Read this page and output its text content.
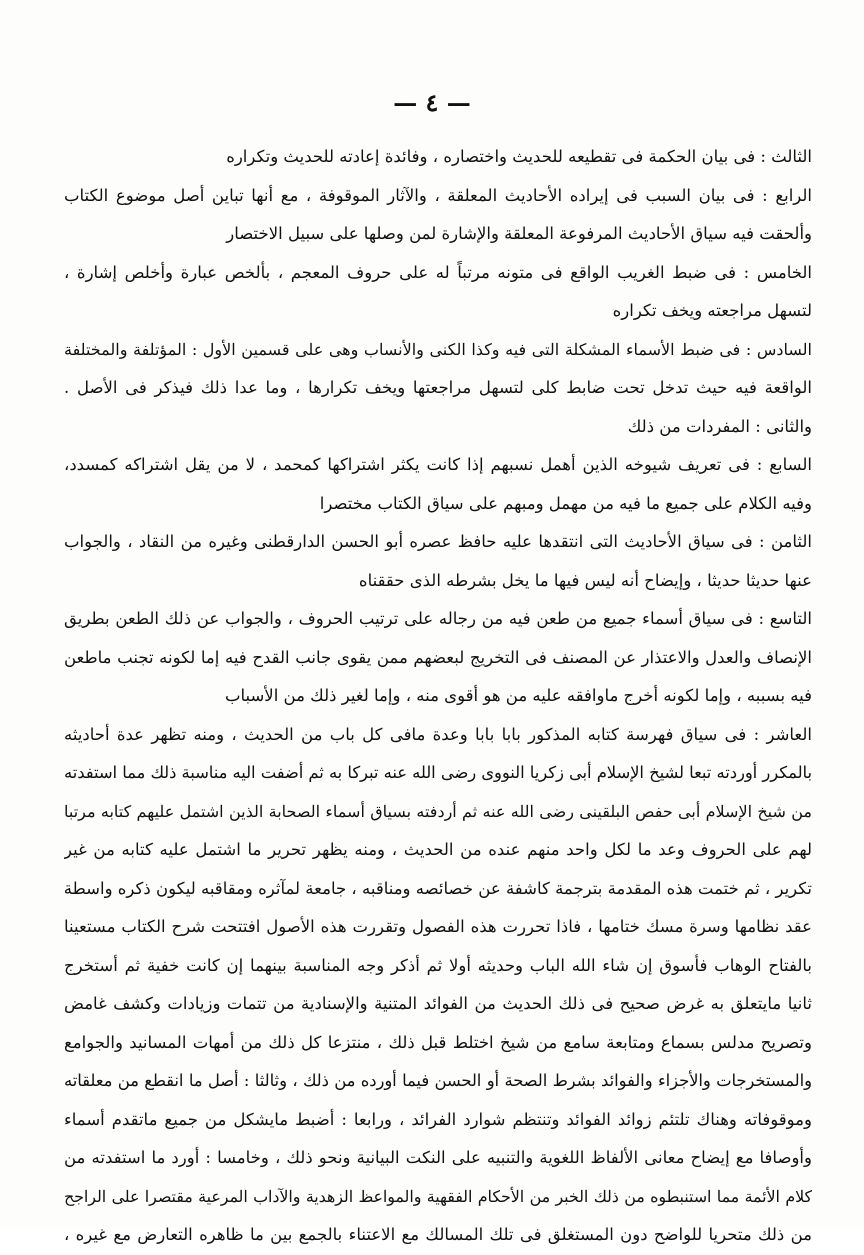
— ٤ —
الثالث : فى بيان الحكمة فى تقطيعه للحديث واختصاره ، وفائدة إعادته للحديث وتكراره
الرابع : فى بيان السبب فى إيراده الأحاديث المعلقة ، والآثار الموقوفة ، مع أنها تباين أصل موضوع الكتاب
وألحقت فيه سياق الأحاديث المرفوعة المعلقة والإشارة لمن وصلها على سبيل الاختصار
الخامس : فى ضبط الغريب الواقع فى متونه مرتباً له على حروف المعجم ، بألخص عبارة وأخلص إشارة ،
لتسهل مراجعته ويخف تكراره
السادس : فى ضبط الأسماء المشكلة التى فيه وكذا الكنى والأنساب وهى على قسمين الأول : المؤتلفة والمختلفة
الواقعة فيه حيث تدخل تحت ضابط كلى لتسهل مراجعتها ويخف تكرارها ، وما عدا ذلك فيذكر فى الأصل .
والثانى : المفردات من ذلك
السابع : فى تعريف شيوخه الذين أهمل نسبهم إذا كانت يكثر اشتراكها كمحمد ، لا من يقل اشتراكه كمسدد،
وفيه الكلام على جميع ما فيه من مهمل ومبهم على سياق الكتاب مختصرا
الثامن : فى سياق الأحاديث التى انتقدها عليه حافظ عصره أبو الحسن الدارقطنى وغيره من النقاد ، والجواب
عنها حديثا حديثا ، وإيضاح أنه ليس فيها ما يخل بشرطه الذى حققناه
التاسع : فى سياق أسماء جميع من طعن فيه من رجاله على ترتيب الحروف ، والجواب عن ذلك الطعن بطريق
الإنصاف والعدل والاعتذار عن المصنف فى التخريج لبعضهم ممن يقوى جانب القدح فيه إما لكونه تجنب ماطعن
فيه بسببه ، وإما لكونه أخرج ماوافقه عليه من هو أقوى منه ، وإما لغير ذلك من الأسباب
العاشر : فى سياق فهرسة كتابه المذكور بابا بابا وعدة مافى كل باب من الحديث ، ومنه تظهر عدة أحاديثه
بالمكرر أوردته تبعا لشيخ الإسلام أبى زكريا النووى رضى الله عنه تبركا به ثم أضفت اليه مناسبة ذلك مما استفدته
من شيخ الإسلام أبى حفص البلقينى رضى الله عنه ثم أردفته بسياق أسماء الصحابة الذين اشتمل عليهم كتابه مرتبا
لهم على الحروف وعد ما لكل واحد منهم عنده من الحديث ، ومنه يظهر تحرير ما اشتمل عليه كتابه من غير
تكرير ، ثم ختمت هذه المقدمة بترجمة كاشفة عن خصائصه ومناقبه ، جامعة لمآثره ومقاقبه ليكون ذكره واسطة
عقد نظامها وسرة مسك ختامها ، فاذا تحررت هذه الفصول وتقررت هذه الأصول افتتحت شرح الكتاب مستعينا
بالفتاح الوهاب فأسوق إن شاء الله الباب وحديثه أولا ثم أذكر وجه المناسبة بينهما إن كانت خفية ثم أستخرج
ثانيا مايتعلق به غرض صحيح فى ذلك الحديث من الفوائد المتنية والإسنادية من تتمات وزيادات وكشف غامض
وتصريح مدلس بسماع ومتابعة سامع من شيخ اختلط قبل ذلك ، منتزعا كل ذلك من أمهات المسانيد والجوامع
والمستخرجات والأجزاء والفوائد بشرط الصحة أو الحسن فيما أورده من ذلك ، وثالثا : أصل ما انقطع من معلقاته
وموقوفاته وهناك تلتئم زوائد الفوائد وتنتظم شوارد الفرائد ، ورابعا : أضبط مايشكل من جميع ماتقدم أسماء
وأوصافا مع إيضاح معانى الألفاظ اللغوية والتنبيه على النكت البيانية ونحو ذلك ، وخامسا : أورد ما استفدته من
كلام الأئمة مما استنبطوه من ذلك الخبر من الأحكام الفقهية والمواعظ الزهدية والآداب المرعية مقتصرا على الراجح
من ذلك متحريا للواضح دون المستغلق فى تلك المسالك مع الاعتناء بالجمع بين ما ظاهره التعارض مع غيره ،
